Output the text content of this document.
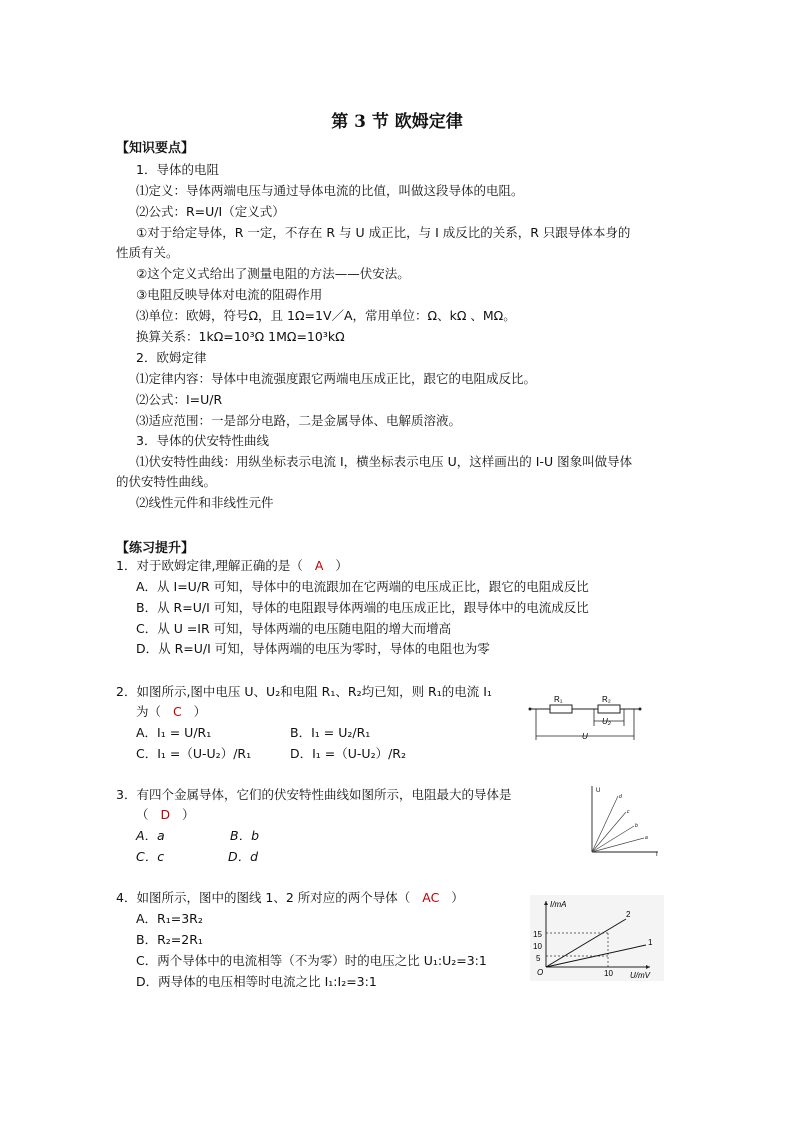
第 3 节 欧姆定律
【知识要点】
1．导体的电阻
⑴定义：导体两端电压与通过导体电流的比值，叫做这段导体的电阻。
⑵公式：R=U/I（定义式）
①对于给定导体，R 一定，不存在 R 与 U 成正比，与 I 成反比的关系，R 只跟导体本身的
性质有关。
②这个定义式给出了测量电阻的方法——伏安法。
③电阻反映导体对电流的阻碍作用
⑶单位：欧姆，符号Ω，且 1Ω=1V／A，常用单位：Ω、kΩ 、MΩ。
换算关系：1kΩ=10³Ω 1MΩ=10³kΩ
2．欧姆定律
⑴定律内容：导体中电流强度跟它两端电压成正比，跟它的电阻成反比。
⑵公式：I=U/R
⑶适应范围：一是部分电路，二是金属导体、电解质溶液。
3．导体的伏安特性曲线
⑴伏安特性曲线：用纵坐标表示电流 I，横坐标表示电压 U，这样画出的 I-U 图象叫做导体
的伏安特性曲线。
⑵线性元件和非线性元件
【练习提升】
1．对于欧姆定律,理解正确的是（ A ）
A．从 I=U/R 可知，导体中的电流跟加在它两端的电压成正比，跟它的电阻成反比
B．从 R=U/I 可知，导体的电阻跟导体两端的电压成正比，跟导体中的电流成反比
C．从 U =IR 可知，导体两端的电压随电阻的增大而增高
D．从 R=U/I 可知，导体两端的电压为零时，导体的电阻也为零
2．如图所示,图中电压 U、U₂和电阻 R₁、R₂均已知，则 R₁的电流 I₁
为（ C ）
A．I₁ = U/R₁	B．I₁ = U₂/R₁
C．I₁ =（U-U₂）/R₁	D．I₁ =（U-U₂）/R₂
R₁	R₂
U₂
U
3．有四个金属导体，它们的伏安特性曲线如图所示，电阻最大的导体是
（ D ）
A．a	B．b
C．c	D．d
U
I
d
c
b
a
4．如图所示，图中的图线 1、2 所对应的两个导体（ AC ）
A．R₁=3R₂
B．R₂=2R₁
C．两个导体中的电流相等（不为零）时的电压之比 U₁:U₂=3:1
D．两导体的电压相等时电流之比 I₁:I₂=3:1
I/mA
U/mV
O
15
10
5
10
2
1
